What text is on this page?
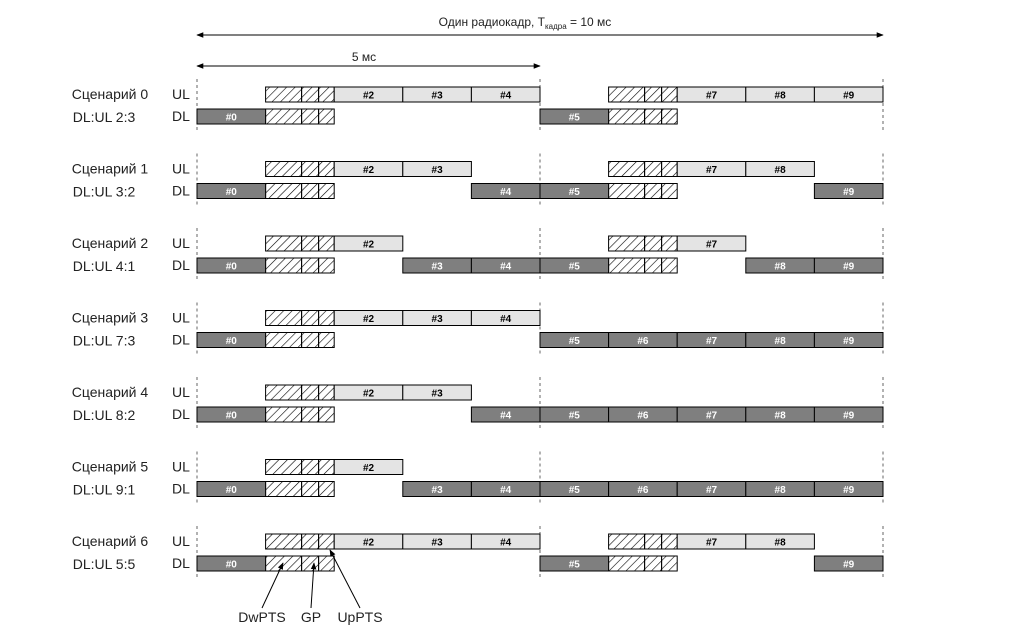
Один радиокадр, $T_{кадра} = 10$ мс
5 мс
Сценарий 0
DL:UL 2:3
UL
DL
#2	#3	#4	#7	#8	#9
#0	#5
Сценарий 1
DL:UL 3:2
UL
DL
#2	#3	#7	#8
#0	#4	#5	#9
Сценарий 2
DL:UL 4:1
UL
DL
#2	#7
#0	#3	#4	#5	#8	#9
Сценарий 3
DL:UL 7:3
UL
DL
#2	#3	#4
#0	#5	#6	#7	#8	#9
Сценарий 4
DL:UL 8:2
UL
DL
#2	#3
#0	#4	#5	#6	#7	#8	#9
Сценарий 5
DL:UL 9:1
UL
DL
#2
#0	#3	#4	#5	#6	#7	#8	#9
Сценарий 6
DL:UL 5:5
UL
DL
#2	#3	#4	#7	#8
#0	#5	#9
DwPTS GP UpPTS
